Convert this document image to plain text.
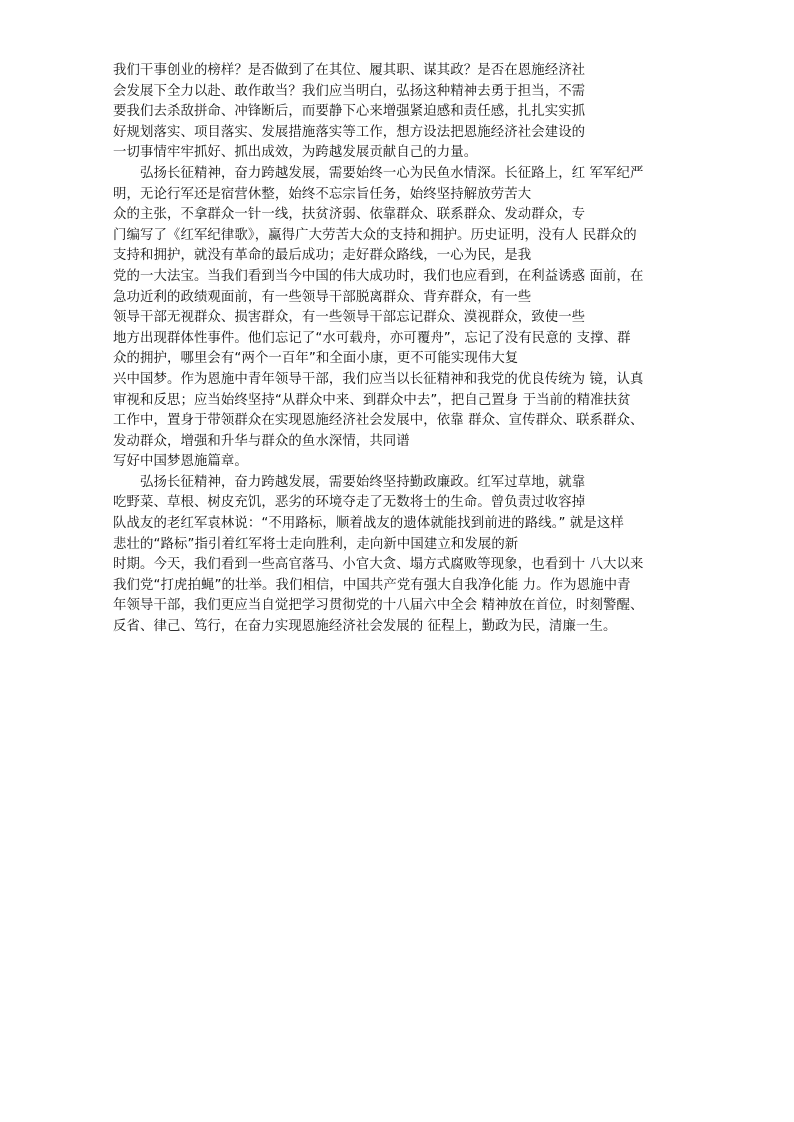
我们干事创业的榜样？是否做到了在其位、履其职、谋其政？是否在恩施经济社
会发展下全力以赴、敢作敢当？我们应当明白，弘扬这种精神去勇于担当，不需
要我们去杀敌拼命、冲锋断后，而要静下心来增强紧迫感和责任感，扎扎实实抓
好规划落实、项目落实、发展措施落实等工作，想方设法把恩施经济社会建设的
一切事情牢牢抓好、抓出成效，为跨越发展贡献自己的力量。
弘扬长征精神，奋力跨越发展，需要始终一心为民鱼水情深。长征路上，红 军军纪严
明，无论行军还是宿营休整，始终不忘宗旨任务，始终坚持解放劳苦大
众的主张，不拿群众一针一线，扶贫济弱、依靠群众、联系群众、发动群众，专
门编写了《红军纪律歌》，赢得广大劳苦大众的支持和拥护。历史证明，没有人 民群众的
支持和拥护，就没有革命的最后成功；走好群众路线，一心为民，是我
党的一大法宝。当我们看到当今中国的伟大成功时，我们也应看到，在利益诱惑 面前，在
急功近利的政绩观面前，有一些领导干部脱离群众、背弃群众，有一些
领导干部无视群众、损害群众，有一些领导干部忘记群众、漠视群众，致使一些
地方出现群体性事件。他们忘记了“水可载舟，亦可覆舟”，忘记了没有民意的 支撑、群
众的拥护，哪里会有“两个一百年”和全面小康，更不可能实现伟大复
兴中国梦。作为恩施中青年领导干部，我们应当以长征精神和我党的优良传统为 镜，认真
审视和反思；应当始终坚持“从群众中来、到群众中去”，把自己置身 于当前的精准扶贫
工作中，置身于带领群众在实现恩施经济社会发展中，依靠 群众、宣传群众、联系群众、
发动群众，增强和升华与群众的鱼水深情，共同谱
写好中国梦恩施篇章。
弘扬长征精神，奋力跨越发展，需要始终坚持勤政廉政。红军过草地，就靠
吃野菜、草根、树皮充饥，恶劣的环境夺走了无数将士的生命。曾负责过收容掉
队战友的老红军袁林说：“不用路标，顺着战友的遗体就能找到前进的路线。” 就是这样
悲壮的“路标”指引着红军将士走向胜利，走向新中国建立和发展的新
时期。今天，我们看到一些高官落马、小官大贪、塌方式腐败等现象，也看到十 八大以来
我们党“打虎拍蝇”的壮举。我们相信，中国共产党有强大自我净化能 力。作为恩施中青
年领导干部，我们更应当自觉把学习贯彻党的十八届六中全会 精神放在首位，时刻警醒、
反省、律己、笃行，在奋力实现恩施经济社会发展的 征程上，勤政为民，清廉一生。
